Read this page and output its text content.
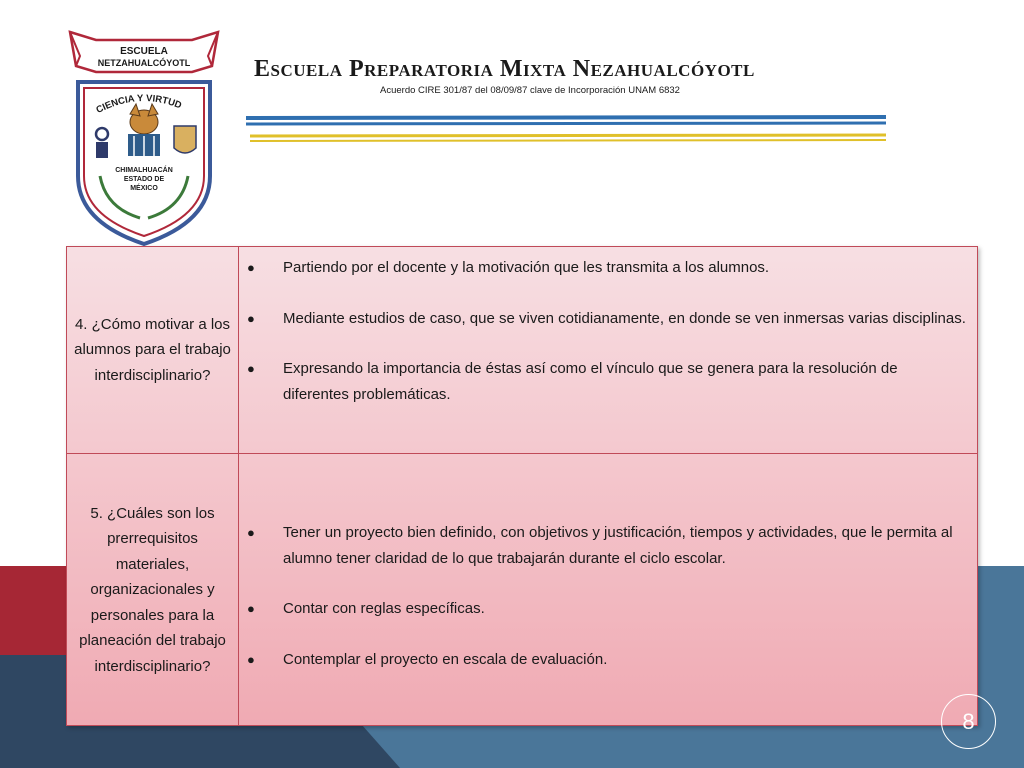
ESCUELA
NETZAHUALCÓYOTL
CIENCIA Y VIRTUD
CHIMALHUACÁN
ESTADO DE
MÉXICO
Escuela Preparatoria Mixta Nezahualcóyotl
Acuerdo CIRE 301/87 del 08/09/87 clave de Incorporación UNAM 6832
4. ¿Cómo motivar a los alumnos para el trabajo interdisciplinario?
● Partiendo por el docente y la motivación que les transmita a los alumnos.
● Mediante estudios de caso, que se viven cotidianamente, en donde se ven inmersas varias disciplinas.
● Expresando la importancia de éstas así como el vínculo que se genera para la resolución de diferentes problemáticas.
5. ¿Cuáles son los prerrequisitos materiales, organizacionales y personales para la planeación del trabajo interdisciplinario?
● Tener un proyecto bien definido, con objetivos y justificación, tiempos y actividades, que le permita al alumno tener claridad de lo que trabajarán durante el ciclo escolar.
● Contar con reglas específicas.
● Contemplar el proyecto en escala de evaluación.
8
